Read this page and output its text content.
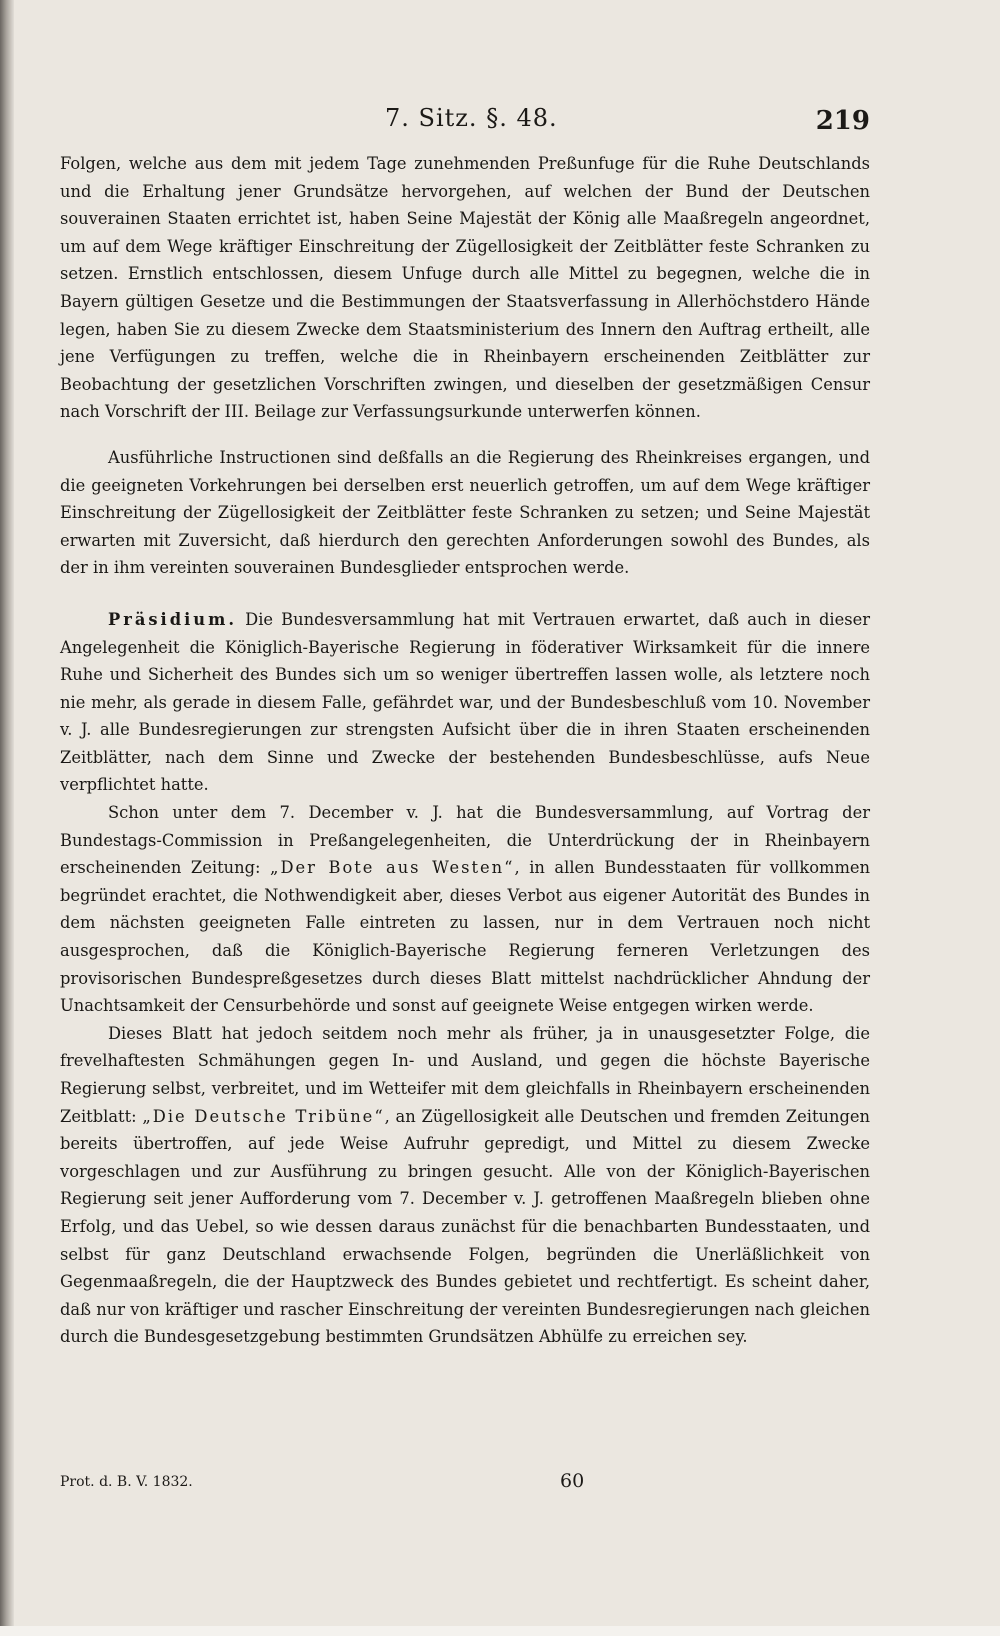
7. Sitz. §. 48.	219

Folgen, welche aus dem mit jedem Tage zunehmenden Preßunfuge für die Ruhe Deutschlands und die Erhaltung jener Grundsätze hervorgehen, auf welchen der Bund der Deutschen souverainen Staaten errichtet ist, haben Seine Majestät der König alle Maaßregeln angeordnet, um auf dem Wege kräftiger Einschreitung der Zügellosigkeit der Zeitblätter feste Schranken zu setzen. Ernstlich entschlossen, diesem Unfuge durch alle Mittel zu begegnen, welche die in Bayern gültigen Gesetze und die Bestimmungen der Staatsverfassung in Allerhöchstdero Hände legen, haben Sie zu diesem Zwecke dem Staatsministerium des Innern den Auftrag ertheilt, alle jene Verfügungen zu treffen, welche die in Rheinbayern erscheinenden Zeitblätter zur Beobachtung der gesetzlichen Vorschriften zwingen, und dieselben der gesetzmäßigen Censur nach Vorschrift der III. Beilage zur Verfassungsurkunde unterwerfen können.

Ausführliche Instructionen sind deßfalls an die Regierung des Rheinkreises ergangen, und die geeigneten Vorkehrungen bei derselben erst neuerlich getroffen, um auf dem Wege kräftiger Einschreitung der Zügellosigkeit der Zeitblätter feste Schranken zu setzen; und Seine Majestät erwarten mit Zuversicht, daß hierdurch den gerechten Anforderungen sowohl des Bundes, als der in ihm vereinten souverainen Bundesglieder entsprochen werde.

Präsidium. Die Bundesversammlung hat mit Vertrauen erwartet, daß auch in dieser Angelegenheit die Königlich-Bayerische Regierung in föderativer Wirksamkeit für die innere Ruhe und Sicherheit des Bundes sich um so weniger übertreffen lassen wolle, als letztere noch nie mehr, als gerade in diesem Falle, gefährdet war, und der Bundesbeschluß vom 10. November v. J. alle Bundesregierungen zur strengsten Aufsicht über die in ihren Staaten erscheinenden Zeitblätter, nach dem Sinne und Zwecke der bestehenden Bundesbeschlüsse, aufs Neue verpflichtet hatte.

Schon unter dem 7. December v. J. hat die Bundesversammlung, auf Vortrag der Bundestags-Commission in Preßangelegenheiten, die Unterdrückung der in Rheinbayern erscheinenden Zeitung: „Der Bote aus Westen“, in allen Bundesstaaten für vollkommen begründet erachtet, die Nothwendigkeit aber, dieses Verbot aus eigener Autorität des Bundes in dem nächsten geeigneten Falle eintreten zu lassen, nur in dem Vertrauen noch nicht ausgesprochen, daß die Königlich-Bayerische Regierung ferneren Verletzungen des provisorischen Bundespreßgesetzes durch dieses Blatt mittelst nachdrücklicher Ahndung der Unachtsamkeit der Censurbehörde und sonst auf geeignete Weise entgegen wirken werde.

Dieses Blatt hat jedoch seitdem noch mehr als früher, ja in unausgesetzter Folge, die frevelhaftesten Schmähungen gegen In- und Ausland, und gegen die höchste Bayerische Regierung selbst, verbreitet, und im Wetteifer mit dem gleichfalls in Rheinbayern erscheinenden Zeitblatt: „Die Deutsche Tribüne“, an Zügellosigkeit alle Deutschen und fremden Zeitungen bereits übertroffen, auf jede Weise Aufruhr gepredigt, und Mittel zu diesem Zwecke vorgeschlagen und zur Ausführung zu bringen gesucht. Alle von der Königlich-Bayerischen Regierung seit jener Aufforderung vom 7. December v. J. getroffenen Maaßregeln blieben ohne Erfolg, und das Uebel, so wie dessen daraus zunächst für die benachbarten Bundesstaaten, und selbst für ganz Deutschland erwachsende Folgen, begründen die Unerläßlichkeit von Gegenmaaßregeln, die der Hauptzweck des Bundes gebietet und rechtfertigt. Es scheint daher, daß nur von kräftiger und rascher Einschreitung der vereinten Bundesregierungen nach gleichen durch die Bundesgesetzgebung bestimmten Grundsätzen Abhülfe zu erreichen sey.

Prot. d. B. V. 1832.	60
